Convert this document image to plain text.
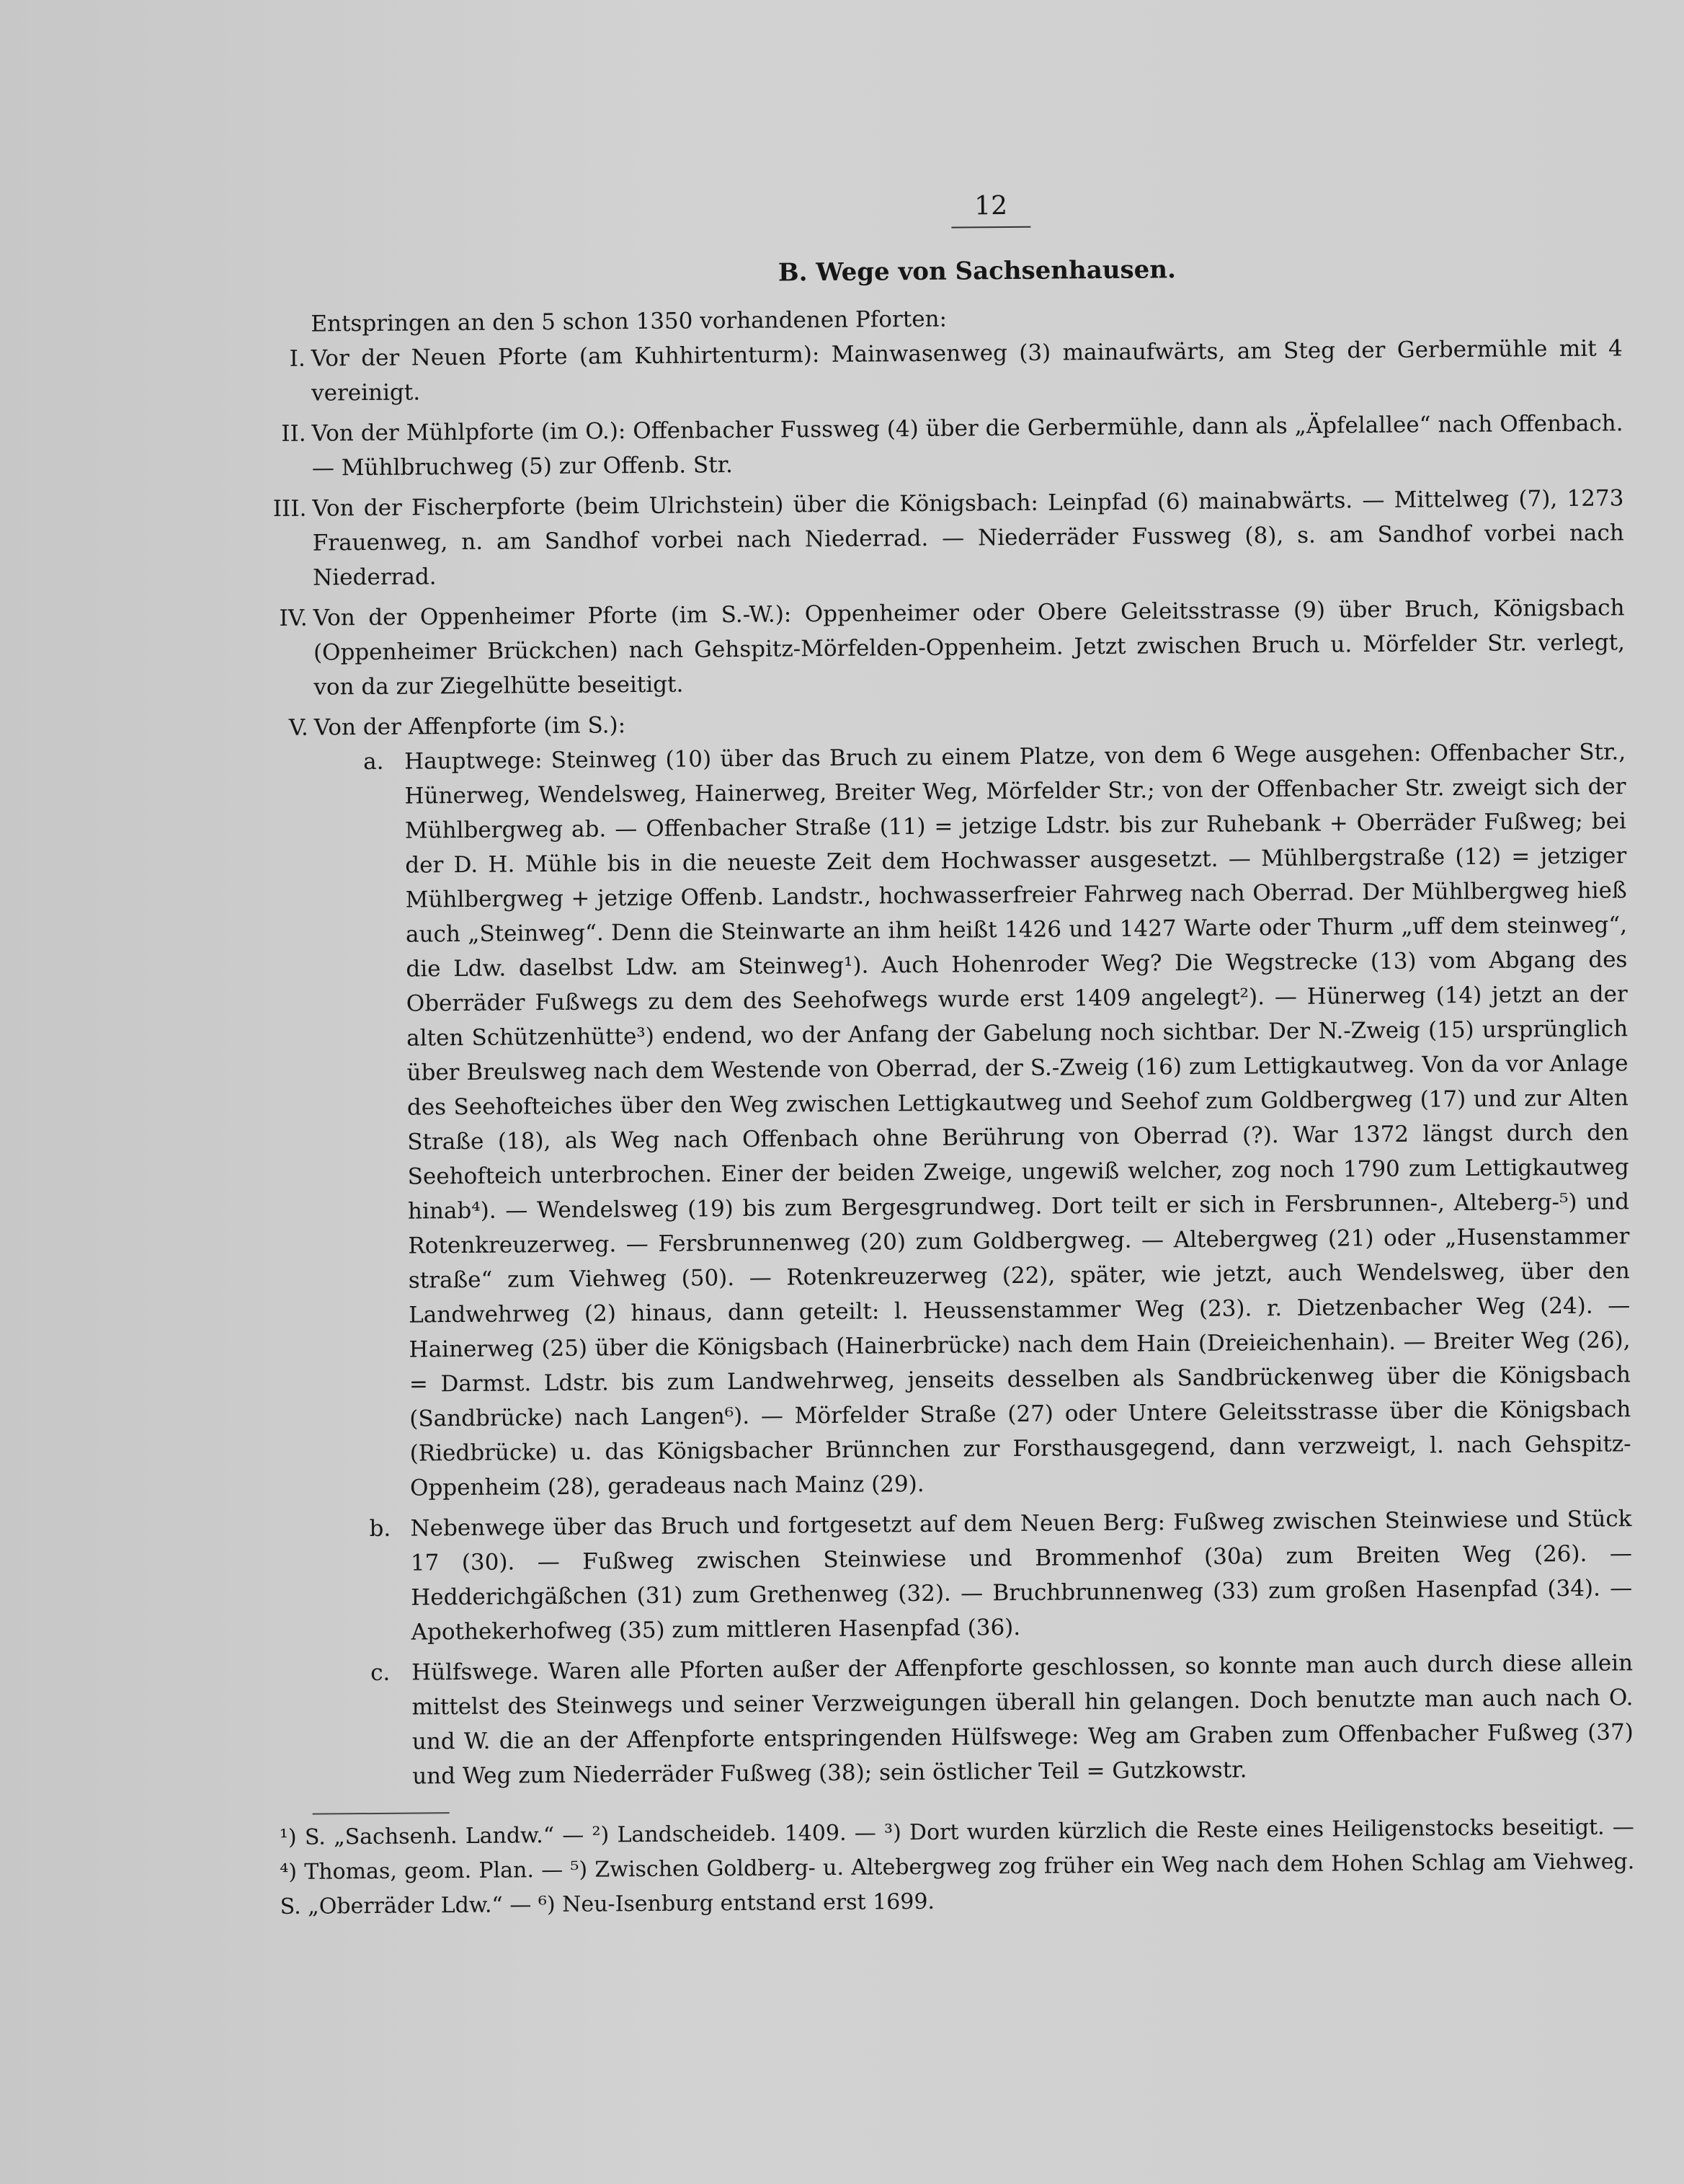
12
B. Wege von Sachsenhausen.
Entspringen an den 5 schon 1350 vorhandenen Pforten:
I. Vor der Neuen Pforte (am Kuhhirtenturm): Mainwasenweg (3) mainaufwärts, am Steg der Gerbermühle mit 4 vereinigt.
II. Von der Mühlpforte (im O.): Offenbacher Fussweg (4) über die Gerbermühle, dann als „Äpfelallee“ nach Offenbach. — Mühlbruchweg (5) zur Offenb. Str.
III. Von der Fischerpforte (beim Ulrichstein) über die Königsbach: Leinpfad (6) mainabwärts. — Mittelweg (7), 1273 Frauenweg, n. am Sandhof vorbei nach Niederrad. — Niederräder Fussweg (8), s. am Sandhof vorbei nach Niederrad.
IV. Von der Oppenheimer Pforte (im S.-W.): Oppenheimer oder Obere Geleitsstrasse (9) über Bruch, Königsbach (Oppenheimer Brückchen) nach Gehspitz-Mörfelden-Oppenheim. Jetzt zwischen Bruch u. Mörfelder Str. verlegt, von da zur Ziegelhütte beseitigt.
V. Von der Affenpforte (im S.):
a. Hauptwege: Steinweg (10) über das Bruch zu einem Platze, von dem 6 Wege ausgehen: Offenbacher Str., Hünerweg, Wendelsweg, Hainerweg, Breiter Weg, Mörfelder Str.; von der Offenbacher Str. zweigt sich der Mühlbergweg ab. — Offenbacher Straße (11) = jetzige Ldstr. bis zur Ruhebank + Oberräder Fußweg; bei der D. H. Mühle bis in die neueste Zeit dem Hochwasser ausgesetzt. — Mühlbergstraße (12) = jetziger Mühlbergweg + jetzige Offenb. Landstr., hochwasserfreier Fahrweg nach Oberrad. Der Mühlbergweg hieß auch „Steinweg“. Denn die Steinwarte an ihm heißt 1426 und 1427 Warte oder Thurm „uff dem steinweg“, die Ldw. daselbst Ldw. am Steinweg¹). Auch Hohenroder Weg? Die Wegstrecke (13) vom Abgang des Oberräder Fußwegs zu dem des Seehofwegs wurde erst 1409 angelegt²). — Hünerweg (14) jetzt an der alten Schützenhütte³) endend, wo der Anfang der Gabelung noch sichtbar. Der N.-Zweig (15) ursprünglich über Breulsweg nach dem Westende von Oberrad, der S.-Zweig (16) zum Lettigkautweg. Von da vor Anlage des Seehofteiches über den Weg zwischen Lettigkautweg und Seehof zum Goldbergweg (17) und zur Alten Straße (18), als Weg nach Offenbach ohne Berührung von Oberrad (?). War 1372 längst durch den Seehofteich unterbrochen. Einer der beiden Zweige, ungewiß welcher, zog noch 1790 zum Lettigkautweg hinab⁴). — Wendelsweg (19) bis zum Bergesgrundweg. Dort teilt er sich in Fersbrunnen-, Alteberg-⁵) und Rotenkreuzerweg. — Fersbrunnenweg (20) zum Goldbergweg. — Altebergweg (21) oder „Husenstammer straße“ zum Viehweg (50). — Rotenkreuzerweg (22), später, wie jetzt, auch Wendelsweg, über den Landwehrweg (2) hinaus, dann geteilt: l. Heussenstammer Weg (23). r. Dietzenbacher Weg (24). — Hainerweg (25) über die Königsbach (Hainerbrücke) nach dem Hain (Dreieichenhain). — Breiter Weg (26), = Darmst. Ldstr. bis zum Landwehrweg, jenseits desselben als Sandbrückenweg über die Königsbach (Sandbrücke) nach Langen⁶). — Mörfelder Straße (27) oder Untere Geleitsstrasse über die Königsbach (Riedbrücke) u. das Königsbacher Brünnchen zur Forsthausgegend, dann verzweigt, l. nach Gehspitz-Oppenheim (28), geradeaus nach Mainz (29).
b. Nebenwege über das Bruch und fortgesetzt auf dem Neuen Berg: Fußweg zwischen Steinwiese und Stück 17 (30). — Fußweg zwischen Steinwiese und Brommenhof (30a) zum Breiten Weg (26). — Hedderichgäßchen (31) zum Grethenweg (32). — Bruchbrunnenweg (33) zum großen Hasenpfad (34). — Apothekerhofweg (35) zum mittleren Hasenpfad (36).
c. Hülfswege. Waren alle Pforten außer der Affenpforte geschlossen, so konnte man auch durch diese allein mittelst des Steinwegs und seiner Verzweigungen überall hin gelangen. Doch benutzte man auch nach O. und W. die an der Affenpforte entspringenden Hülfswege: Weg am Graben zum Offenbacher Fußweg (37) und Weg zum Niederräder Fußweg (38); sein östlicher Teil = Gutzkowstr.
¹) S. „Sachsenh. Landw.“ — ²) Landscheideb. 1409. — ³) Dort wurden kürzlich die Reste eines Heiligenstocks beseitigt. — ⁴) Thomas, geom. Plan. — ⁵) Zwischen Goldberg- u. Altebergweg zog früher ein Weg nach dem Hohen Schlag am Viehweg. S. „Oberräder Ldw.“ — ⁶) Neu-Isenburg entstand erst 1699.
